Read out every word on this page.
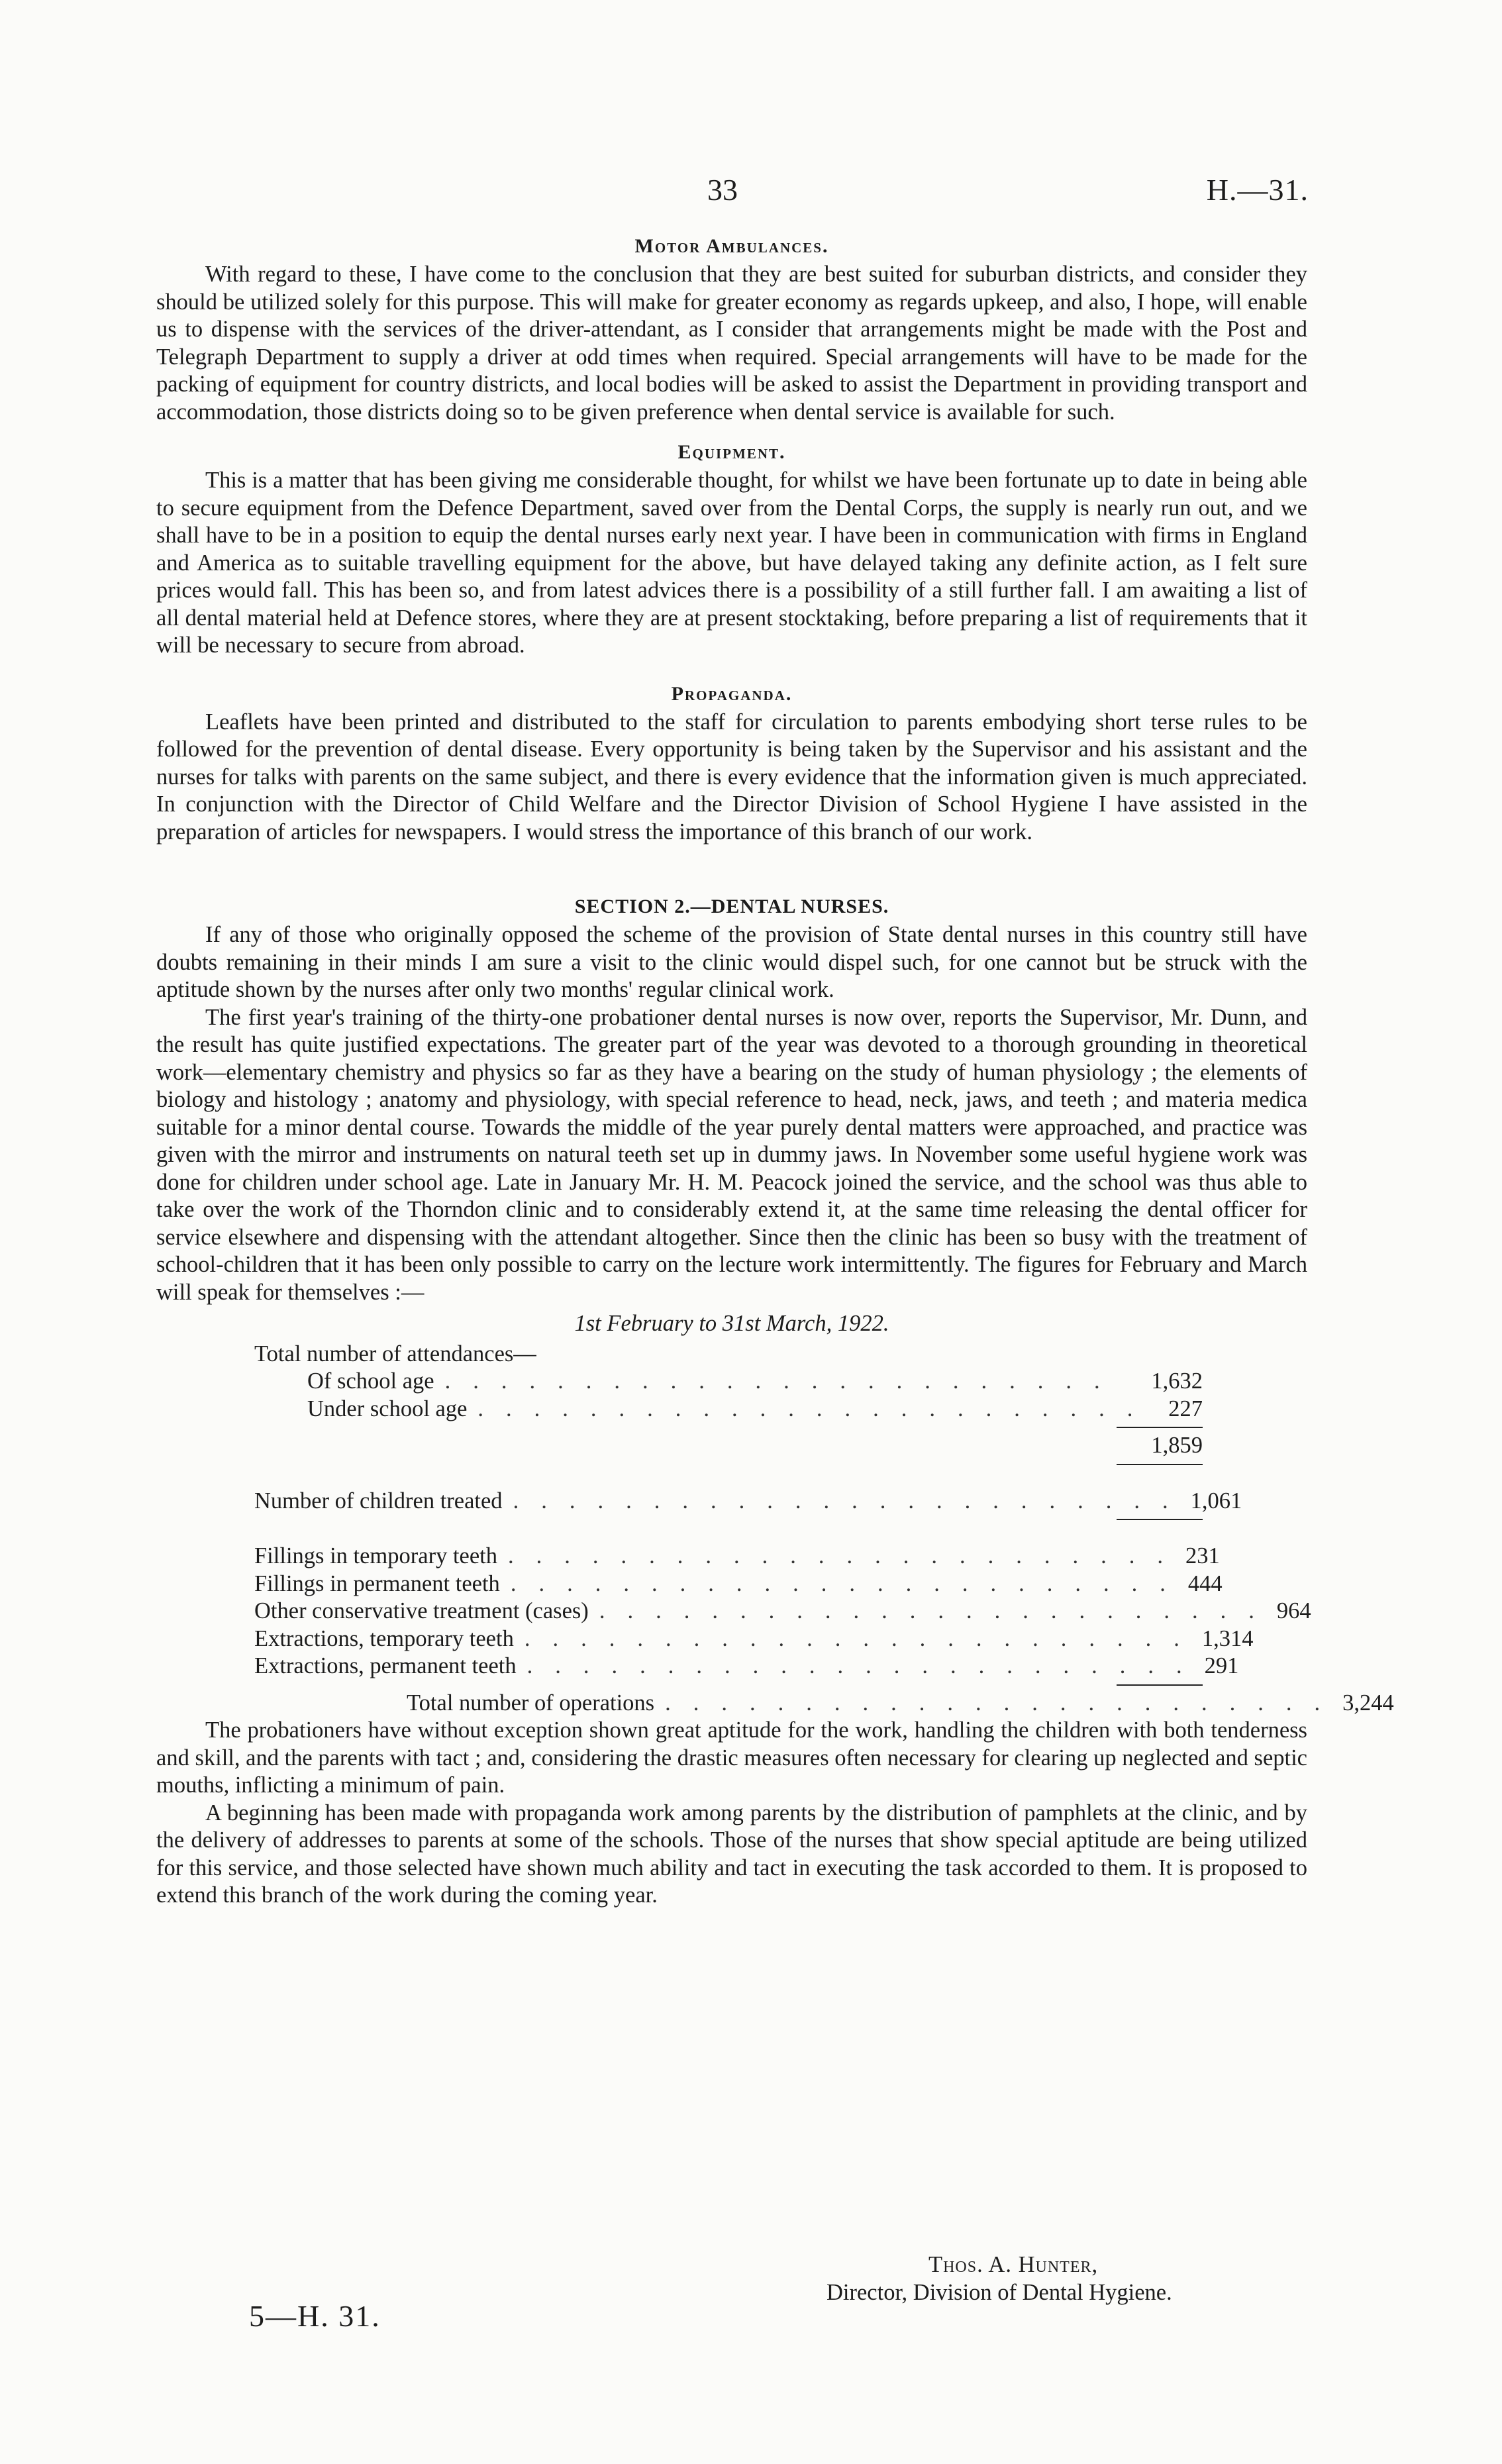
33	H.—31.
Motor Ambulances.

With regard to these, I have come to the conclusion that they are best suited for suburban districts, and consider they should be utilized solely for this purpose. This will make for greater economy as regards upkeep, and also, I hope, will enable us to dispense with the services of the driver-attendant, as I consider that arrangements might be made with the Post and Telegraph Department to supply a driver at odd times when required. Special arrangements will have to be made for the packing of equipment for country districts, and local bodies will be asked to assist the Department in providing transport and accommodation, those districts doing so to be given preference when dental service is available for such.

Equipment.

This is a matter that has been giving me considerable thought, for whilst we have been fortunate up to date in being able to secure equipment from the Defence Department, saved over from the Dental Corps, the supply is nearly run out, and we shall have to be in a position to equip the dental nurses early next year. I have been in communication with firms in England and America as to suitable travelling equipment for the above, but have delayed taking any definite action, as I felt sure prices would fall. This has been so, and from latest advices there is a possibility of a still further fall. I am awaiting a list of all dental material held at Defence stores, where they are at present stocktaking, before preparing a list of requirements that it will be necessary to secure from abroad.

Propaganda.

Leaflets have been printed and distributed to the staff for circulation to parents embodying short terse rules to be followed for the prevention of dental disease. Every opportunity is being taken by the Supervisor and his assistant and the nurses for talks with parents on the same subject, and there is every evidence that the information given is much appreciated. In conjunction with the Director of Child Welfare and the Director Division of School Hygiene I have assisted in the preparation of articles for newspapers. I would stress the importance of this branch of our work.

SECTION 2.—DENTAL NURSES.

If any of those who originally opposed the scheme of the provision of State dental nurses in this country still have doubts remaining in their minds I am sure a visit to the clinic would dispel such, for one cannot but be struck with the aptitude shown by the nurses after only two months' regular clinical work.

The first year's training of the thirty-one probationer dental nurses is now over, reports the Supervisor, Mr. Dunn, and the result has quite justified expectations. The greater part of the year was devoted to a thorough grounding in theoretical work—elementary chemistry and physics so far as they have a bearing on the study of human physiology ; the elements of biology and histology ; anatomy and physiology, with special reference to head, neck, jaws, and teeth ; and materia medica suitable for a minor dental course. Towards the middle of the year purely dental matters were approached, and practice was given with the mirror and instruments on natural teeth set up in dummy jaws. In November some useful hygiene work was done for children under school age. Late in January Mr. H. M. Peacock joined the service, and the school was thus able to take over the work of the Thorndon clinic and to considerably extend it, at the same time releasing the dental officer for service elsewhere and dispensing with the attendant altogether. Since then the clinic has been so busy with the treatment of school-children that it has been only possible to carry on the lecture work intermittently. The figures for February and March will speak for themselves :—

1st February to 31st March, 1922.
Total number of attendances—
Of school age ........................	1,632
Under school age ........................ 227
1,859
Number of children treated ........................ 1,061
Fillings in temporary teeth ........................ 231
Fillings in permanent teeth ........................ 444
Other conservative treatment (cases) ........................ 964
Extractions, temporary teeth ........................ 1,314
Extractions, permanent teeth ........................ 291
Total number of operations ........................ 3,244

The probationers have without exception shown great aptitude for the work, handling the children with both tenderness and skill, and the parents with tact ; and, considering the drastic measures often necessary for clearing up neglected and septic mouths, inflicting a minimum of pain.

A beginning has been made with propaganda work among parents by the distribution of pamphlets at the clinic, and by the delivery of addresses to parents at some of the schools. Those of the nurses that show special aptitude are being utilized for this service, and those selected have shown much ability and tact in executing the task accorded to them. It is proposed to extend this branch of the work during the coming year.

Thos. A. Hunter,
Director, Division of Dental Hygiene.
5—H. 31.
